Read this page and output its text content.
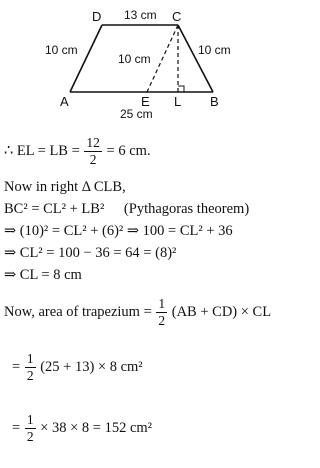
D	C
A	E L B
13 cm
10 cm
10 cm
10 cm
25 cm
∴ EL = LB = $\frac{12}{2} = 6$ cm.
Now in right Δ CLB,
BC² = CL² + LB² (Pythagoras theorem)
⇒ (10)² = CL² + (6)² ⇒ 100 = CL² + 36
⇒ CL² = 100 − 36 = 64 = (8)²
⇒ CL = 8 cm
Now, area of trapezium = $\frac{1}{2} (AB + CD)$ × CL
= $\frac{1}{2} (25 + 13) \times 8$ cm²
= $\frac{1}{2} \times 38 \times 8 = 152$ cm²
